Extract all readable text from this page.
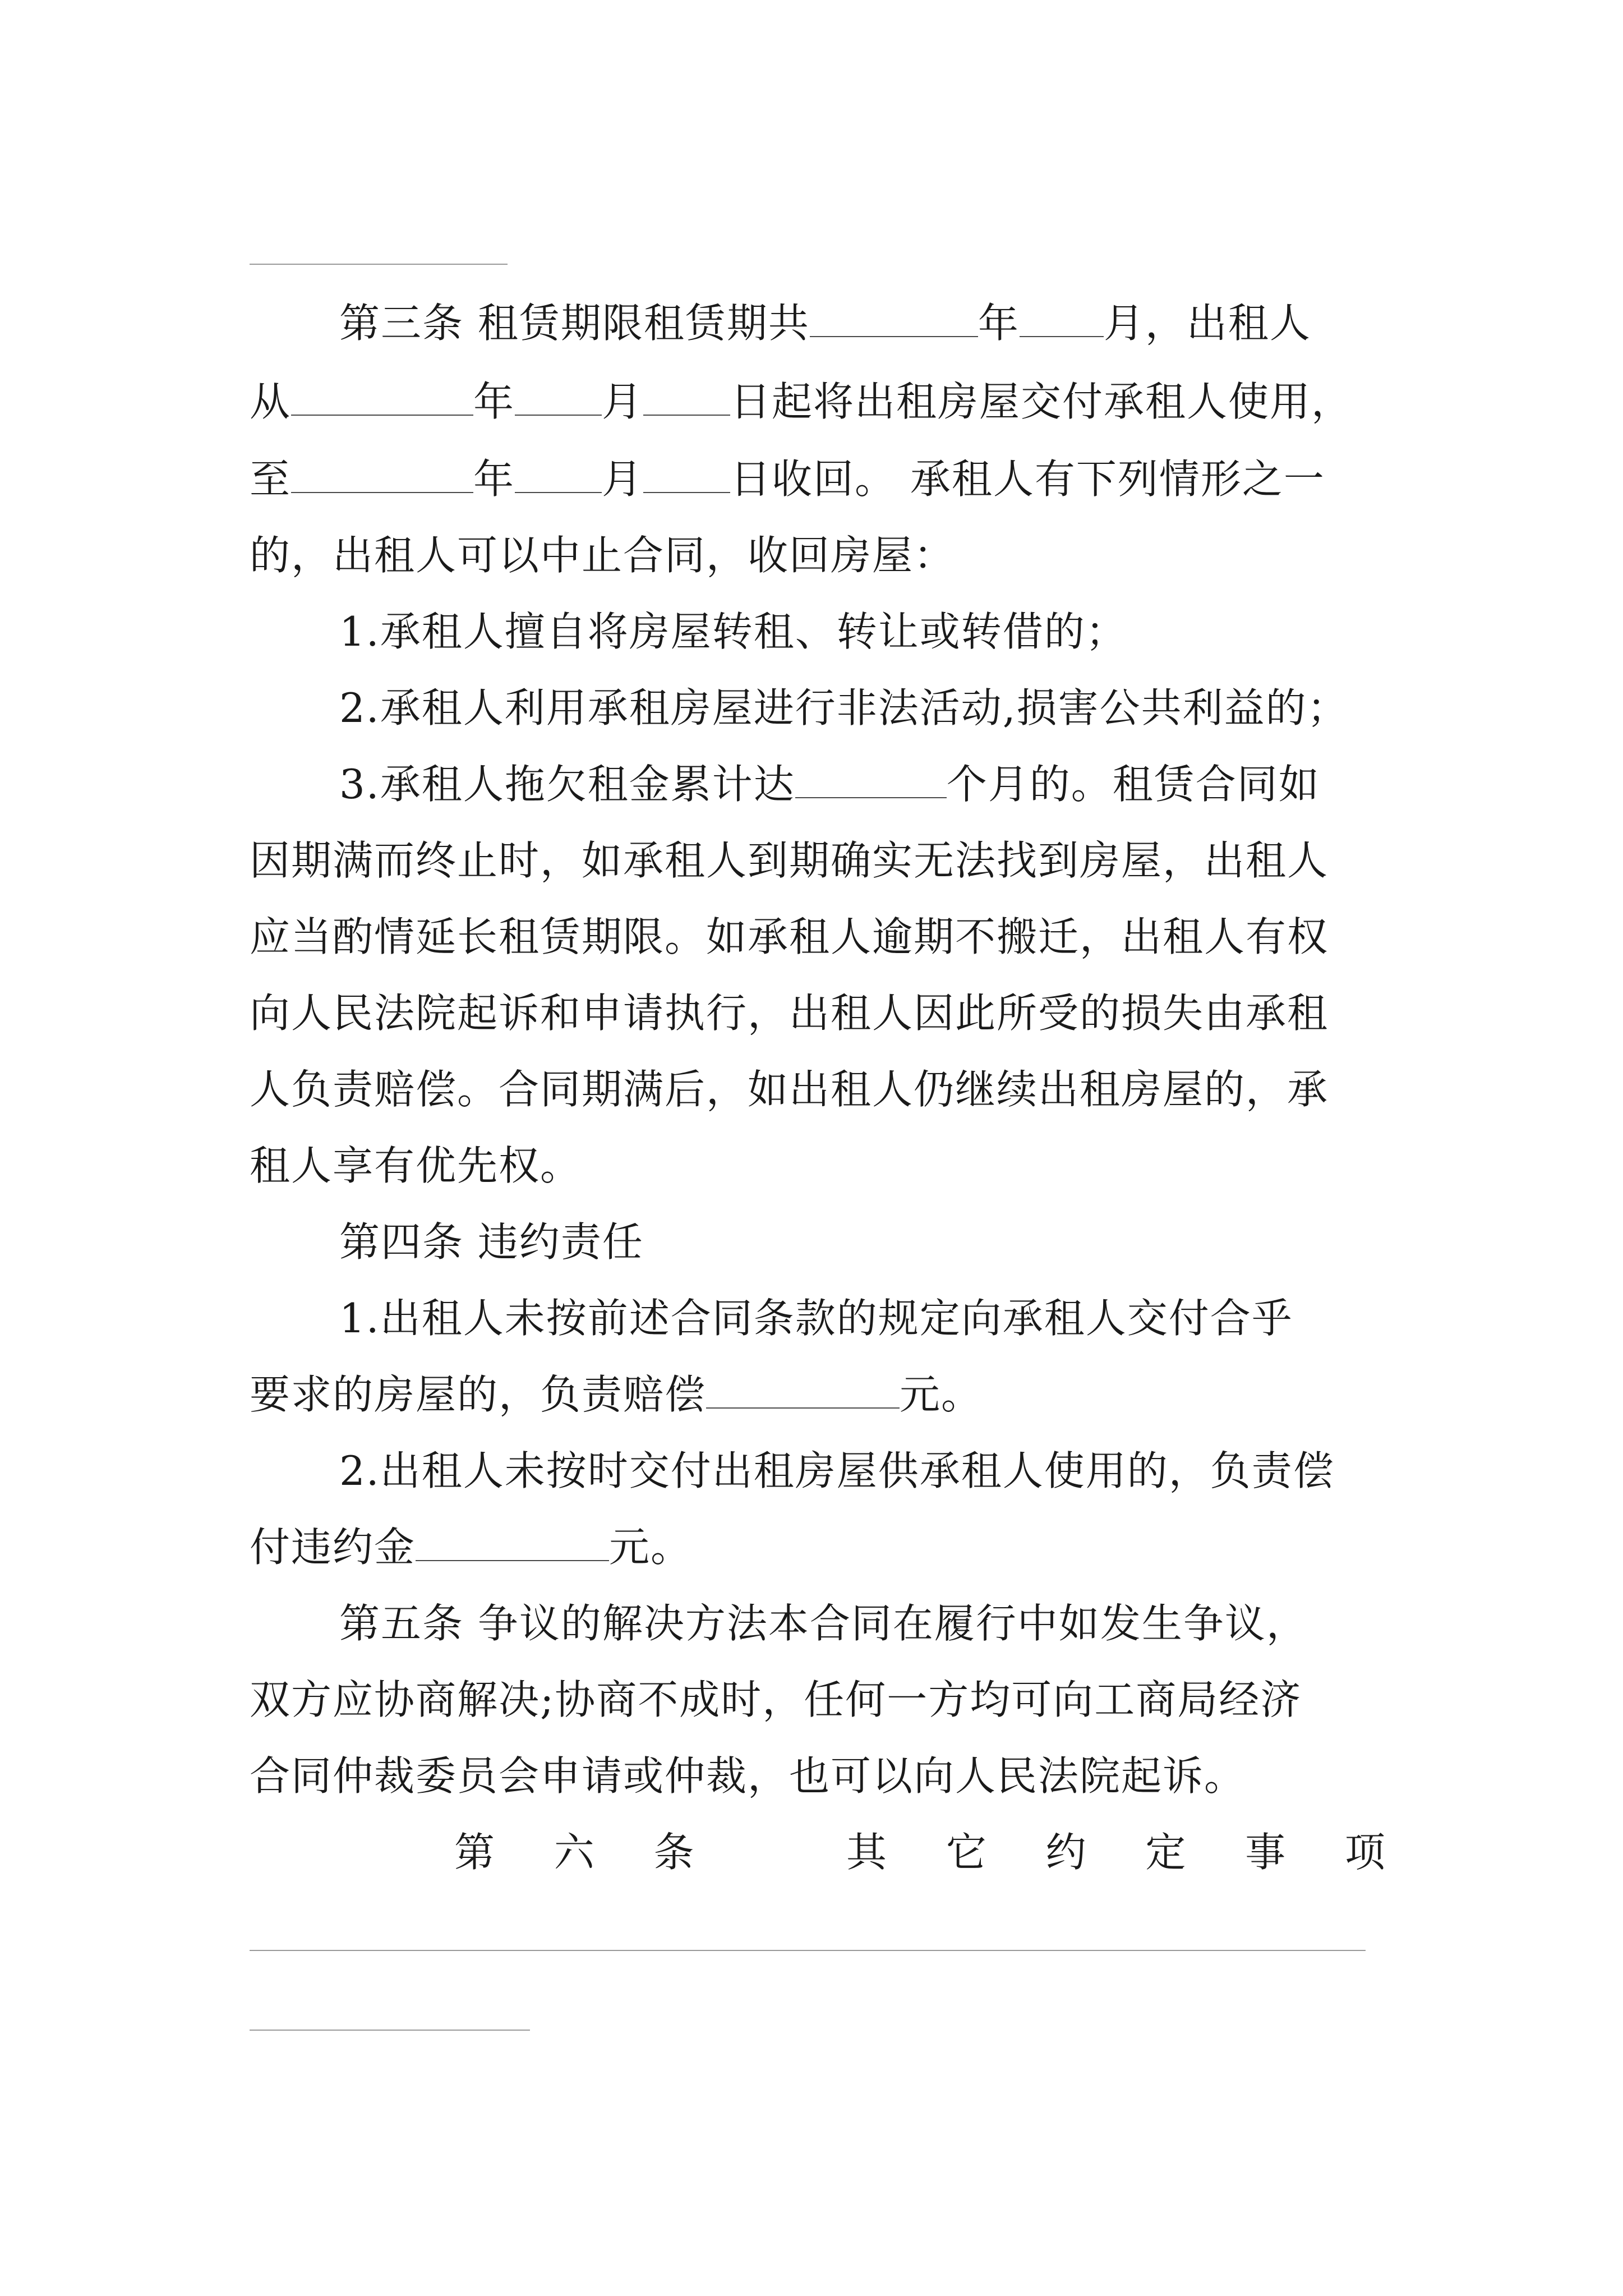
第三条 租赁期限租赁期共	年 月，出租人
从	年 月 日起将出租房屋交付承租人使用，
至	年 月 日收回。 承租人有下列情形之一
的，出租人可以中止合同，收回房屋：
1.承租人擅自将房屋转租、转让或转借的；
2.承租人利用承租房屋进行非法活动,损害公共利益的；
3.承租人拖欠租金累计达	个月的。租赁合同如
因期满而终止时，如承租人到期确实无法找到房屋，出租人
应当酌情延长租赁期限。如承租人逾期不搬迁，出租人有权
向人民法院起诉和申请执行，出租人因此所受的损失由承租
人负责赔偿。合同期满后，如出租人仍继续出租房屋的，承
租人享有优先权。
第四条 违约责任
1.出租人未按前述合同条款的规定向承租人交付合乎
要求的房屋的，负责赔偿	元。
2.出租人未按时交付出租房屋供承租人使用的，负责偿
付违约金	元。
第五条 争议的解决方法本合同在履行中如发生争议，
双方应协商解决;协商不成时，任何一方均可向工商局经济
合同仲裁委员会申请或仲裁，也可以向人民法院起诉。
第 六 条	其 它 约 定 事 项
